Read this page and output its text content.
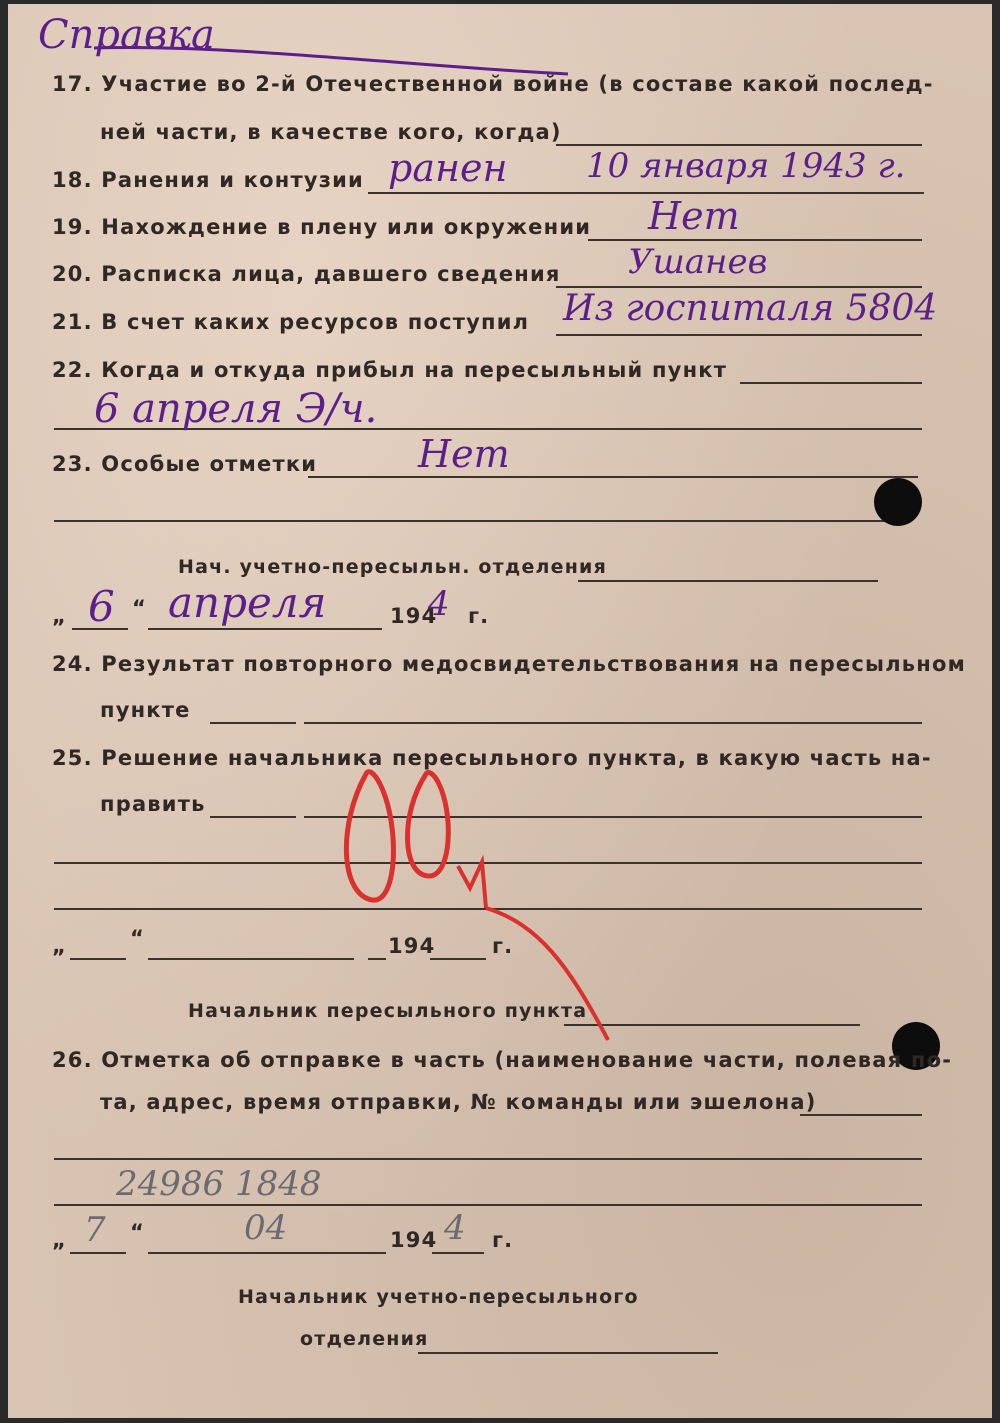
Справка
17. Участие во 2-й Отечественной войне (в составе какой послед-
ней части, в качестве кого, когда)
18. Ранения и контузии ранен 10 января 1943 г.
19. Нахождение в плену или окружении Нет
20. Расписка лица, давшего сведения Ушанев
21. В счет каких ресурсов поступил Из госпиталя 5804
22. Когда и откуда прибыл на пересыльный пункт
6 апреля Э/ч.
23. Особые отметки	Нет
Нач. учетно-пересыльн. отделения
„ 6 “ апреля	194
4 г.
24. Результат повторного медосвидетельствования на пересыльном
пункте
25. Решение начальника пересыльного пункта, в какую часть на-
править
„	“	194	г.
Начальник пересыльного пункта
26. Отметка об отправке в часть (наименование части, полевая по-
та, адрес, время отправки, № команды или эшелона)
24986 1848
„ 7 “	04	194 4 г.
Начальник учетно-пересыльного
отделения
